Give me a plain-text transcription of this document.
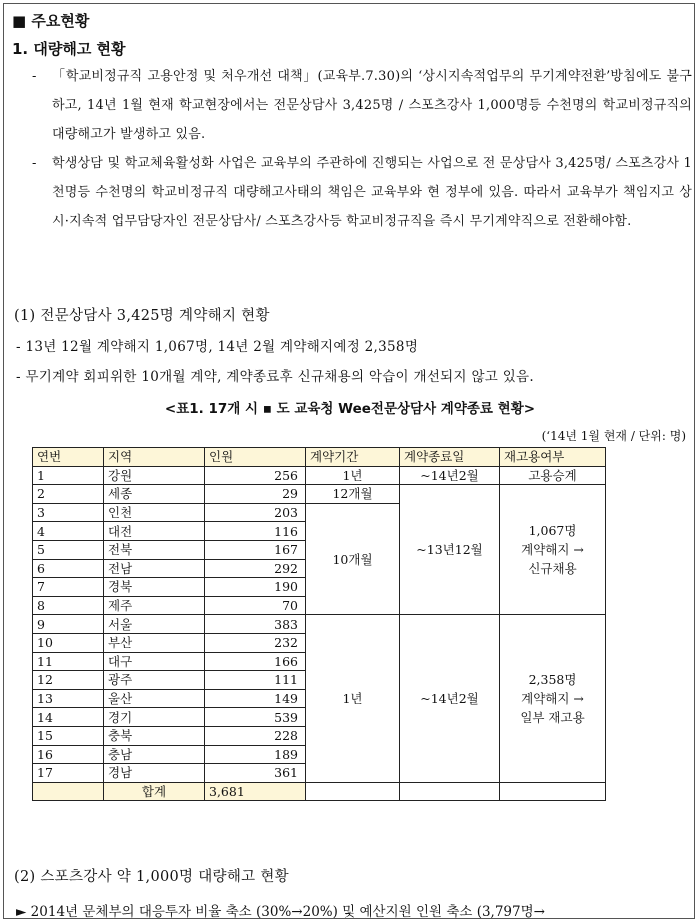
■ 주요현황
1. 대량해고 현황
- 「학교비정규직 고용안정 및 처우개선 대책」(교육부.7.30)의 ‘상시지속적업무의 무기계약전환’방침에도 불구하고, 14년 1월 현재 학교현장에서는 전문상담사 3,425명 / 스포츠강사 1,000명등 수천명의 학교비정규직의 대량해고가 발생하고 있음.
- 학생상담 및 학교체육활성화 사업은 교육부의 주관하에 진행되는 사업으로 전 문상담사 3,425명/ 스포츠강사 1천명등 수천명의 학교비정규직 대량해고사태의 책임은 교육부와 현 정부에 있음. 따라서 교육부가 책임지고 상시·지속적 업무담당자인 전문상담사/ 스포츠강사등 학교비정규직을 즉시 무기계약직으로 전환해야함.
(1) 전문상담사 3,425명 계약해지 현황
- 13년 12월 계약해지 1,067명, 14년 2월 계약해지예정 2,358명
- 무기계약 회피위한 10개월 계약, 계약종료후 신규채용의 악습이 개선되지 않고 있음.
<표1. 17개 시 ▪ 도 교육청 Wee전문상담사 계약종료 현황>
(‘14년 1월 현재 / 단위: 명)
연번	지역	인원	계약기간	계약종료일	재고용여부
1	강원	256	1년	~14년2월	고용승계
2	세종	29	12개월	~13년12월	1,067명
계약해지 →
신규채용

3	인천	203	10개월		
4	대전	116			
5	전북	167			
6	전남	292			
7	경북	190			
8	제주	70			
9	서울	383	1년	~14년2월	2,358명
계약해지 →
일부 재고용

10	부산	232			
11	대구	166			
12	광주	111			
13	울산	149			
14	경기	539			
15	충북	228			
16	충남	189			
17	경남	361			
	합계	3,681			
(2) 스포츠강사 약 1,000명 대량해고 현황
► 2014년 문체부의 대응투자 비율 축소 (30%→20%) 및 예산지원 인원 축소 (3,797명→
